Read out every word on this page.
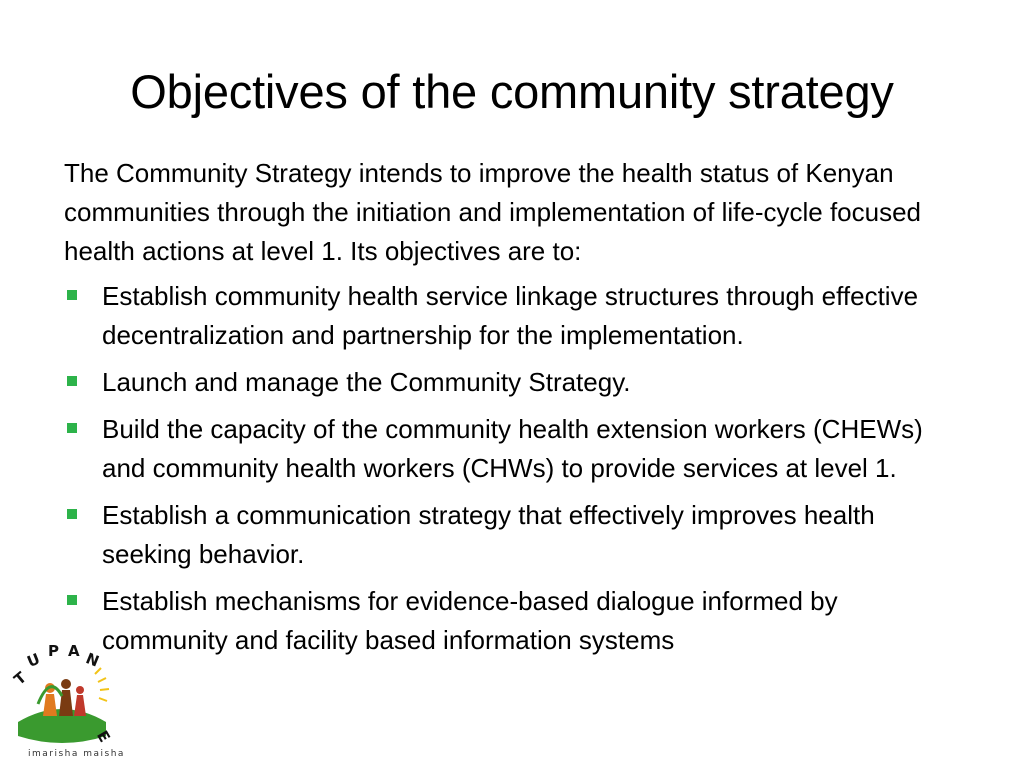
Objectives of the community strategy

The Community Strategy intends to improve the health status of Kenyan communities through the initiation and implementation of life-cycle focused health actions at level 1. Its objectives are to:

Establish community health service linkage structures through effective decentralization and partnership for the implementation.
Launch and manage the Community Strategy.
Build the capacity of the community health extension workers (CHEWs) and community health workers (CHWs) to provide services at level 1.
Establish a communication strategy that effectively improves health seeking behavior.
Establish mechanisms for evidence-based dialogue informed by community and facility based information systems
T
U P A N
E
imarisha maisha
